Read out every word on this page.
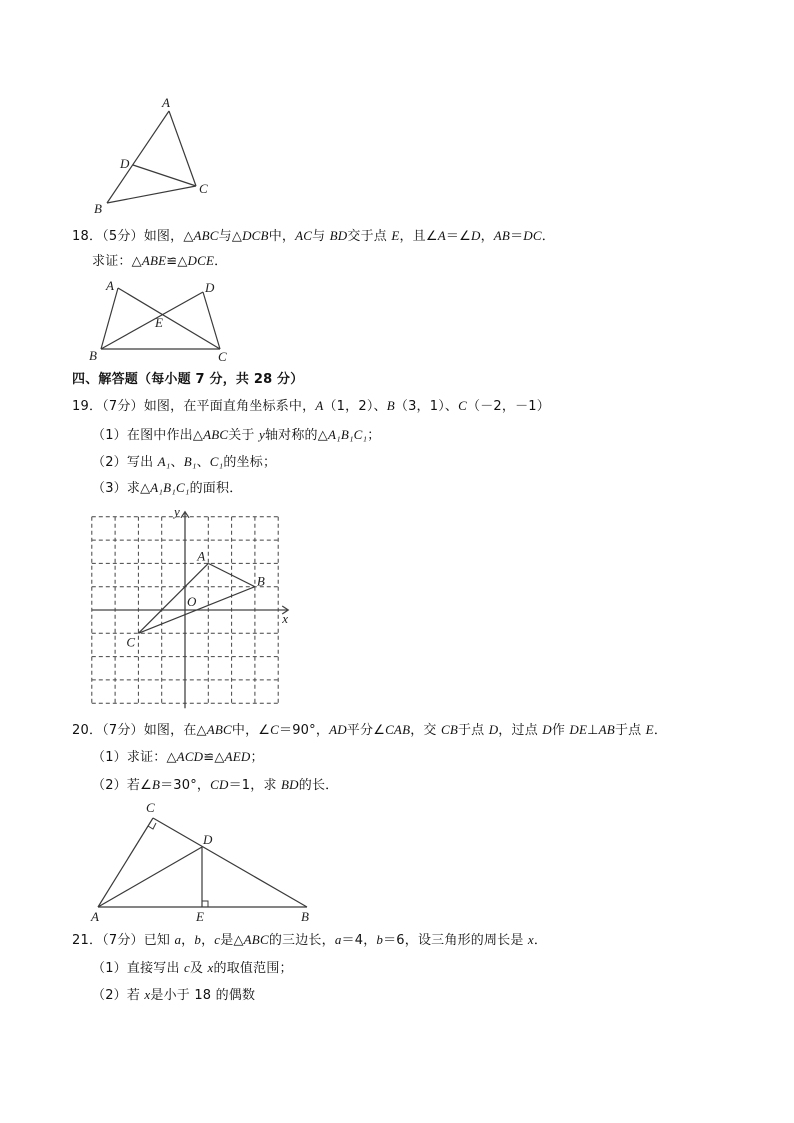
A
B
C
D
18．（5分）如图，△ABC与△DCB中，AC与 BD交于点 E，且∠A＝∠D，AB＝DC．
求证：△ABE≌△DCE．
A	D
E
B	C
四、解答题（每小题 7 分，共 28 分）
19．（7分）如图，在平面直角坐标系中，A（1，2）、B（3，1）、C（－2，－1）
（1）在图中作出△ABC关于 y轴对称的△A₁B₁C₁；
（2）写出 A₁、B₁、C₁的坐标；
（3）求△A₁B₁C₁的面积．
x
y
O
A
B
C
20．（7分）如图，在△ABC中，∠C＝90°，AD平分∠CAB，交 CB于点 D，过点 D作 DE⊥AB于点 E．
（1）求证：△ACD≌△AED；
（2）若∠B＝30°，CD＝1，求 BD的长．
C
D
A	E	B
21．（7分）已知 a，b，c是△ABC的三边长，a＝4，b＝6，设三角形的周长是 x．
（1）直接写出 c及 x的取值范围；
（2）若 x是小于 18 的偶数
